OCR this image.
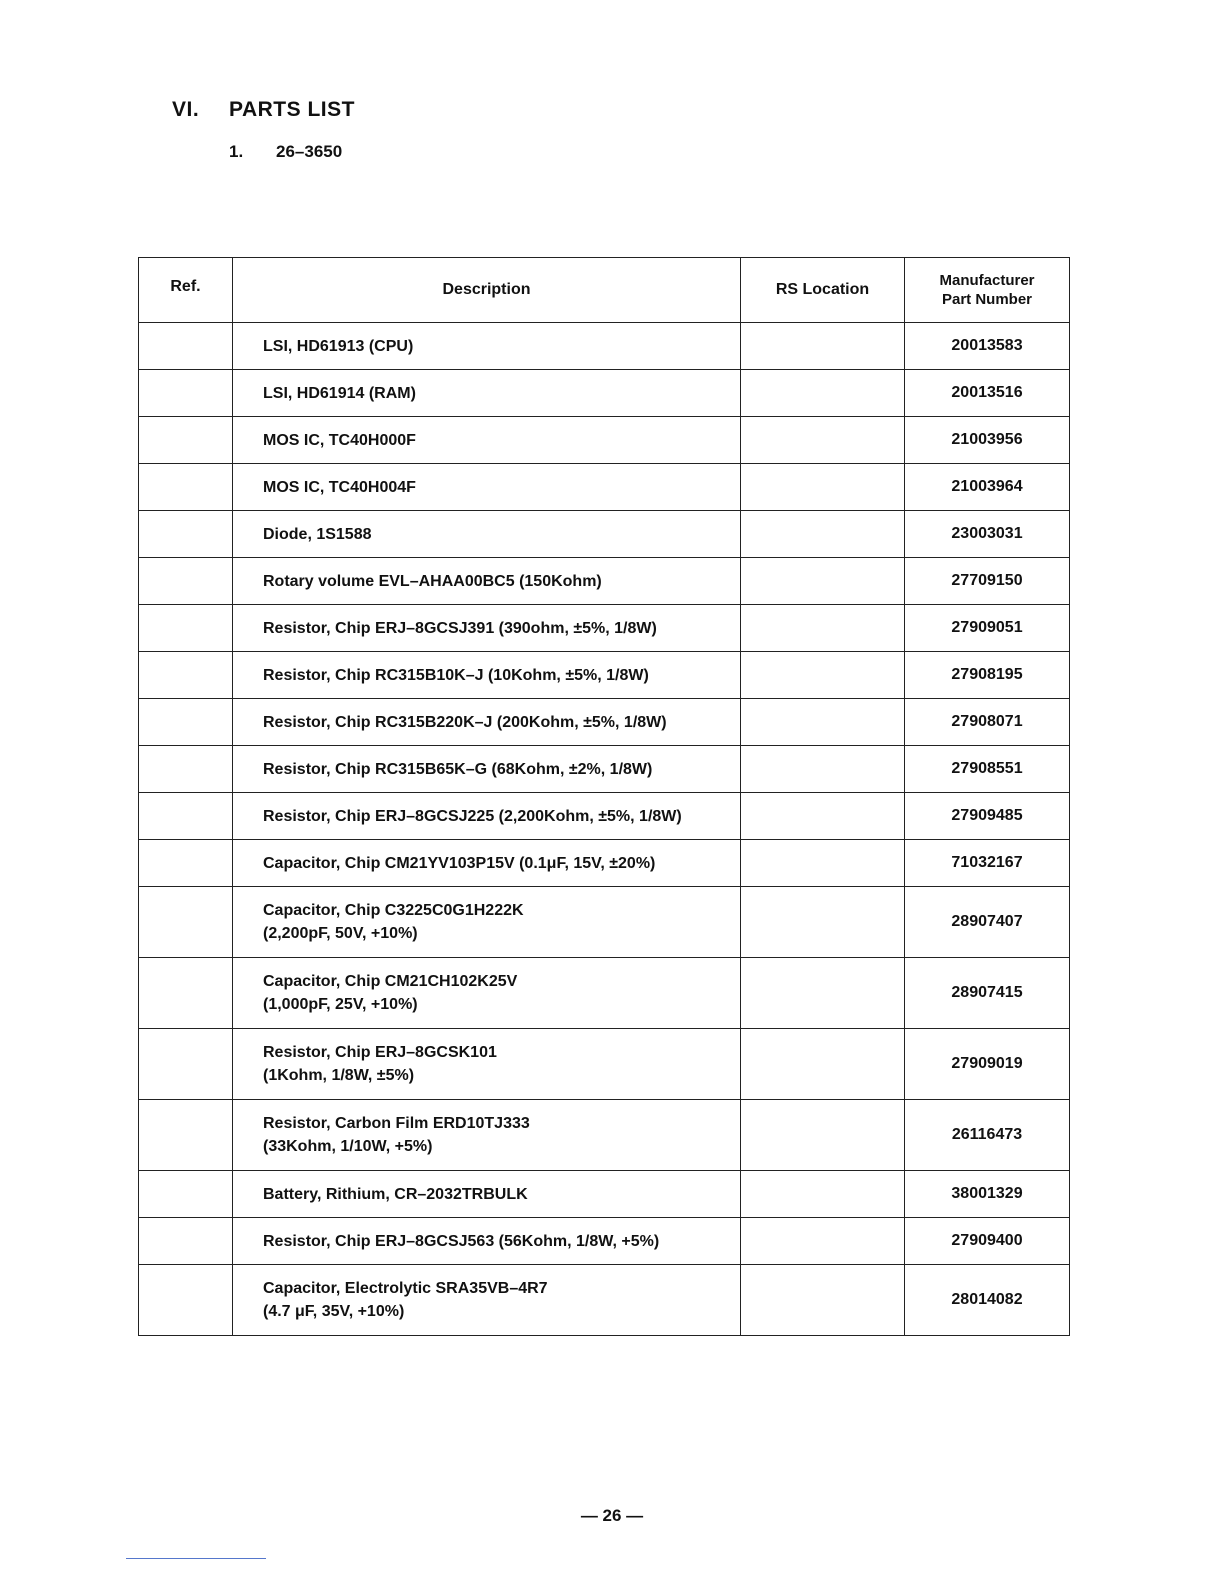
VI. PARTS LIST
1. 26–3650
Ref.	Description	RS Location	Manufacturer
Part Number
	LSI, HD61913 (CPU)		20013583
	LSI, HD61914 (RAM)		20013516
	MOS IC, TC40H000F		21003956
	MOS IC, TC40H004F		21003964
	Diode, 1S1588		23003031
	Rotary volume EVL–AHAA00BC5 (150Kohm)		27709150
	Resistor, Chip ERJ–8GCSJ391 (390ohm, ±5%, 1/8W)		27909051
	Resistor, Chip RC315B10K–J (10Kohm, ±5%, 1/8W)		27908195
	Resistor, Chip RC315B220K–J (200Kohm, ±5%, 1/8W)		27908071
	Resistor, Chip RC315B65K–G (68Kohm, ±2%, 1/8W)		27908551
	Resistor, Chip ERJ–8GCSJ225 (2,200Kohm, ±5%, 1/8W)		27909485
	Capacitor, Chip CM21YV103P15V (0.1μF, 15V, ±20%)		71032167
	Capacitor, Chip C3225C0G1H222K
(2,200pF, 50V, +10%)		28907407
	Capacitor, Chip CM21CH102K25V
(1,000pF, 25V, +10%)		28907415
	Resistor, Chip ERJ–8GCSK101
(1Kohm, 1/8W, ±5%)		27909019
	Resistor, Carbon Film ERD10TJ333
(33Kohm, 1/10W, +5%)		26116473
	Battery, Rithium, CR–2032TRBULK		38001329
	Resistor, Chip ERJ–8GCSJ563 (56Kohm, 1/8W, +5%)		27909400
	Capacitor, Electrolytic SRA35VB–4R7
(4.7 μF, 35V, +10%)		28014082
— 26 —
